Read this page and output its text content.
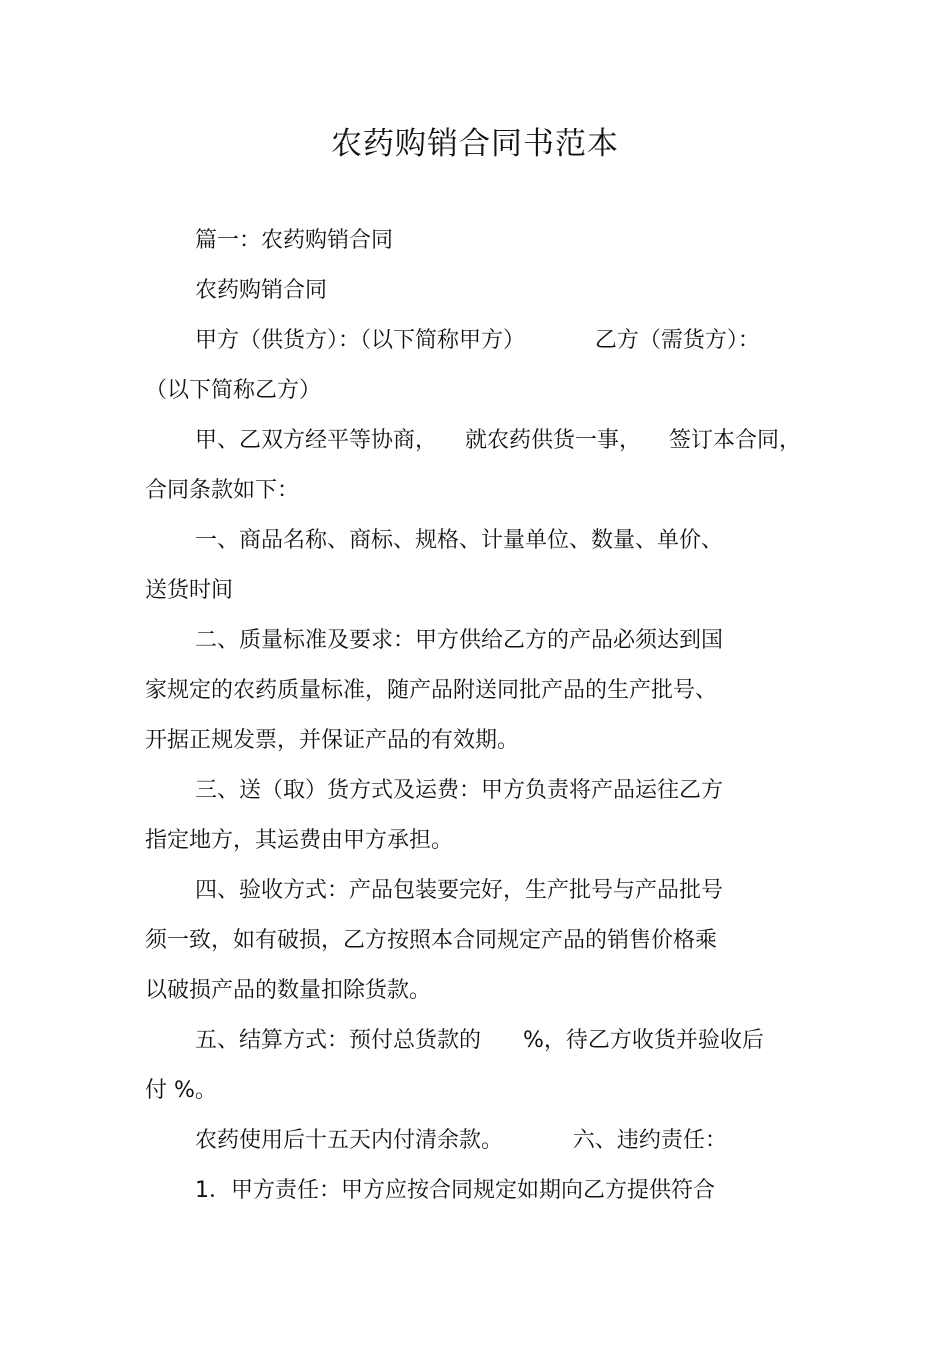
农药购销合同书范本
篇一：农药购销合同
农药购销合同
甲方（供货方）：（以下简称甲方）          乙方（需货方）：
（以下简称乙方）
甲、乙双方经平等协商，    就农药供货一事，    签订本合同，
合同条款如下：
一、商品名称、商标、规格、计量单位、数量、单价、
送货时间
二、质量标准及要求：甲方供给乙方的产品必须达到国
家规定的农药质量标准，随产品附送同批产品的生产批号、
开据正规发票，并保证产品的有效期。
三、送（取）货方式及运费：甲方负责将产品运往乙方
指定地方，其运费由甲方承担。
四、验收方式：产品包装要完好，生产批号与产品批号
须一致，如有破损，乙方按照本合同规定产品的销售价格乘
以破损产品的数量扣除货款。
五、结算方式：预付总货款的      %，待乙方收货并验收后
付 %。
农药使用后十五天内付清余款。          六、违约责任：
1．甲方责任：甲方应按合同规定如期向乙方提供符合
